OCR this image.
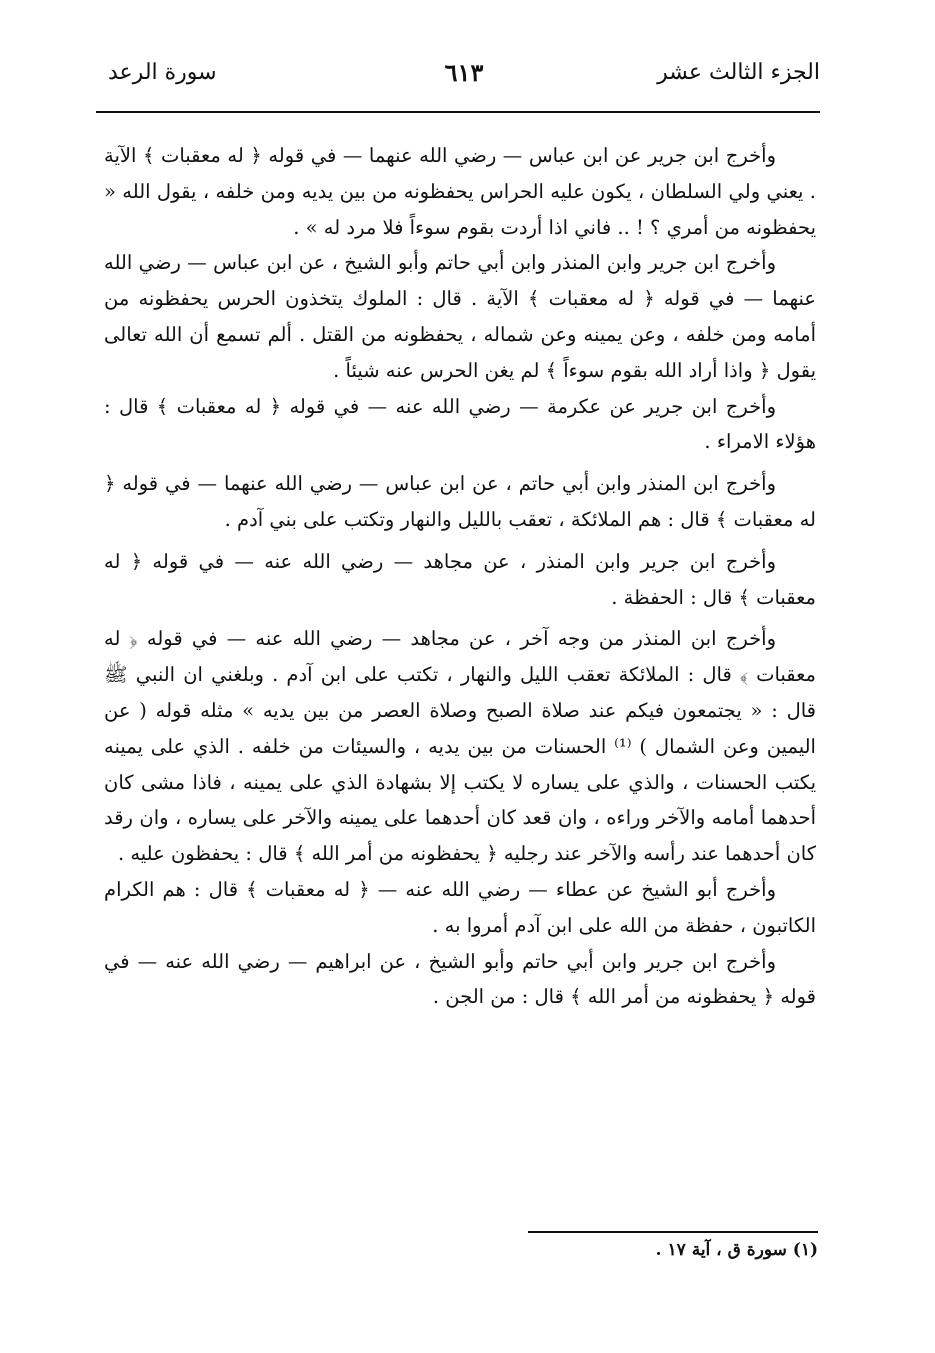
الجزء الثالث عشر
٦١٣
سورة الرعد

وأخرج ابن جرير عن ابن عباس — رضي الله عنهما — في قوله ﴿ له معقبات ﴾ الآية . يعني ولي السلطان ، يكون عليه الحراس يحفظونه من بين يديه ومن خلفه ، يقول الله « يحفظونه من أمري ؟ ! .. فاني اذا أردت بقوم سوءاً فلا مرد له » .

وأخرج ابن جرير وابن المنذر وابن أبي حاتم وأبو الشيخ ، عن ابن عباس — رضي الله عنهما — في قوله ﴿ له معقبات ﴾ الآية . قال : الملوك يتخذون الحرس يحفظونه من أمامه ومن خلفه ، وعن يمينه وعن شماله ، يحفظونه من القتل . ألم تسمع أن الله تعالى يقول ﴿ واذا أراد الله بقوم سوءاً ﴾ لم يغن الحرس عنه شيئاً .

وأخرج ابن جرير عن عكرمة — رضي الله عنه — في قوله ﴿ له معقبات ﴾ قال : هؤلاء الامراء .

وأخرج ابن المنذر وابن أبي حاتم ، عن ابن عباس — رضي الله عنهما — في قوله ﴿ له معقبات ﴾ قال : هم الملائكة ، تعقب بالليل والنهار وتكتب على بني آدم .

وأخرج ابن جرير وابن المنذر ، عن مجاهد — رضي الله عنه — في قوله ﴿ له معقبات ﴾ قال : الحفظة .

وأخرج ابن المنذر من وجه آخر ، عن مجاهد — رضي الله عنه — في قوله ﴿ له معقبات ﴾ قال : الملائكة تعقب الليل والنهار ، تكتب على ابن آدم . وبلغني ان النبي ﷺ قال : « يجتمعون فيكم عند صلاة الصبح وصلاة العصر من بين يديه » مثله قوله ( عن اليمين وعن الشمال ) ⁽¹⁾ الحسنات من بين يديه ، والسيئات من خلفه . الذي على يمينه يكتب الحسنات ، والذي على يساره لا يكتب إلا بشهادة الذي على يمينه ، فاذا مشى كان أحدهما أمامه والآخر وراءه ، وان قعد كان أحدهما على يمينه والآخر على يساره ، وان رقد كان أحدهما عند رأسه والآخر عند رجليه ﴿ يحفظونه من أمر الله ﴾ قال : يحفظون عليه .

وأخرج أبو الشيخ عن عطاء — رضي الله عنه — ﴿ له معقبات ﴾ قال : هم الكرام الكاتبون ، حفظة من الله على ابن آدم أمروا به .

وأخرج ابن جرير وابن أبي حاتم وأبو الشيخ ، عن ابراهيم — رضي الله عنه — في قوله ﴿ يحفظونه من أمر الله ﴾ قال : من الجن .

(١) سورة ق ، آية ١٧ .
